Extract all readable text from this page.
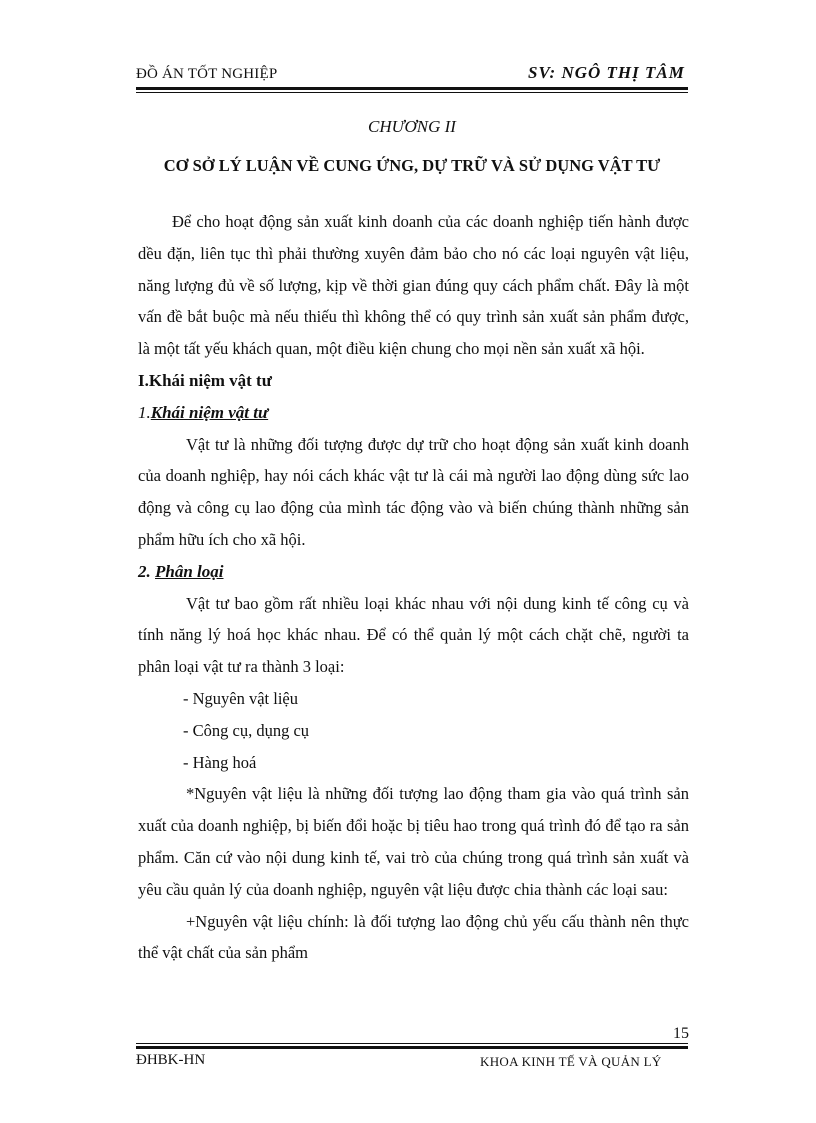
ĐỒ ÁN TỐT NGHIỆP	SV: NGÔ THỊ TÂM
CHƯƠNG II
CƠ SỞ LÝ LUẬN VỀ CUNG ỨNG, DỰ TRỮ VÀ SỬ DỤNG VẬT TƯ

Để cho hoạt động sản xuất kinh doanh của các doanh nghiệp tiến hành được dều đặn, liên tục thì phải thường xuyên đảm bảo cho nó các loại nguyên vật liệu, năng lượng đủ về số lượng, kịp về thời gian đúng quy cách phẩm chất. Đây là một vấn đề bắt buộc mà nếu thiếu thì không thể có quy trình sản xuất sản phẩm được, là một tất yếu khách quan, một điều kiện chung cho mọi nền sản xuất xã hội.

I.Khái niệm vật tư

1.Khái niệm vật tư

Vật tư là những đối tượng được dự trữ cho hoạt động sản xuất kinh doanh của doanh nghiệp, hay nói cách khác vật tư là cái mà người lao động dùng sức lao động và công cụ lao động của mình tác động vào và biến chúng thành những sản phẩm hữu ích cho xã hội.

2. Phân loại

Vật tư bao gồm rất nhiều loại khác nhau với nội dung kinh tế công cụ và tính năng lý hoá học khác nhau. Để có thể quản lý một cách chặt chẽ, người ta phân loại vật tư ra thành 3 loại:

- Nguyên vật liệu

- Công cụ, dụng cụ

- Hàng hoá

*Nguyên vật liệu là những đối tượng lao động tham gia vào quá trình sản xuất của doanh nghiệp, bị biến đổi hoặc bị tiêu hao trong quá trình đó để tạo ra sản phẩm. Căn cứ vào nội dung kinh tế, vai trò của chúng trong quá trình sản xuất và yêu cầu quản lý của doanh nghiệp, nguyên vật liệu được chia thành các loại sau:

+Nguyên vật liệu chính: là đối tượng lao động chủ yếu cấu thành nên thực thể vật chất của sản phẩm

15
ĐHBK-HN	KHOA KINH TẾ VÀ QUẢN LÝ
